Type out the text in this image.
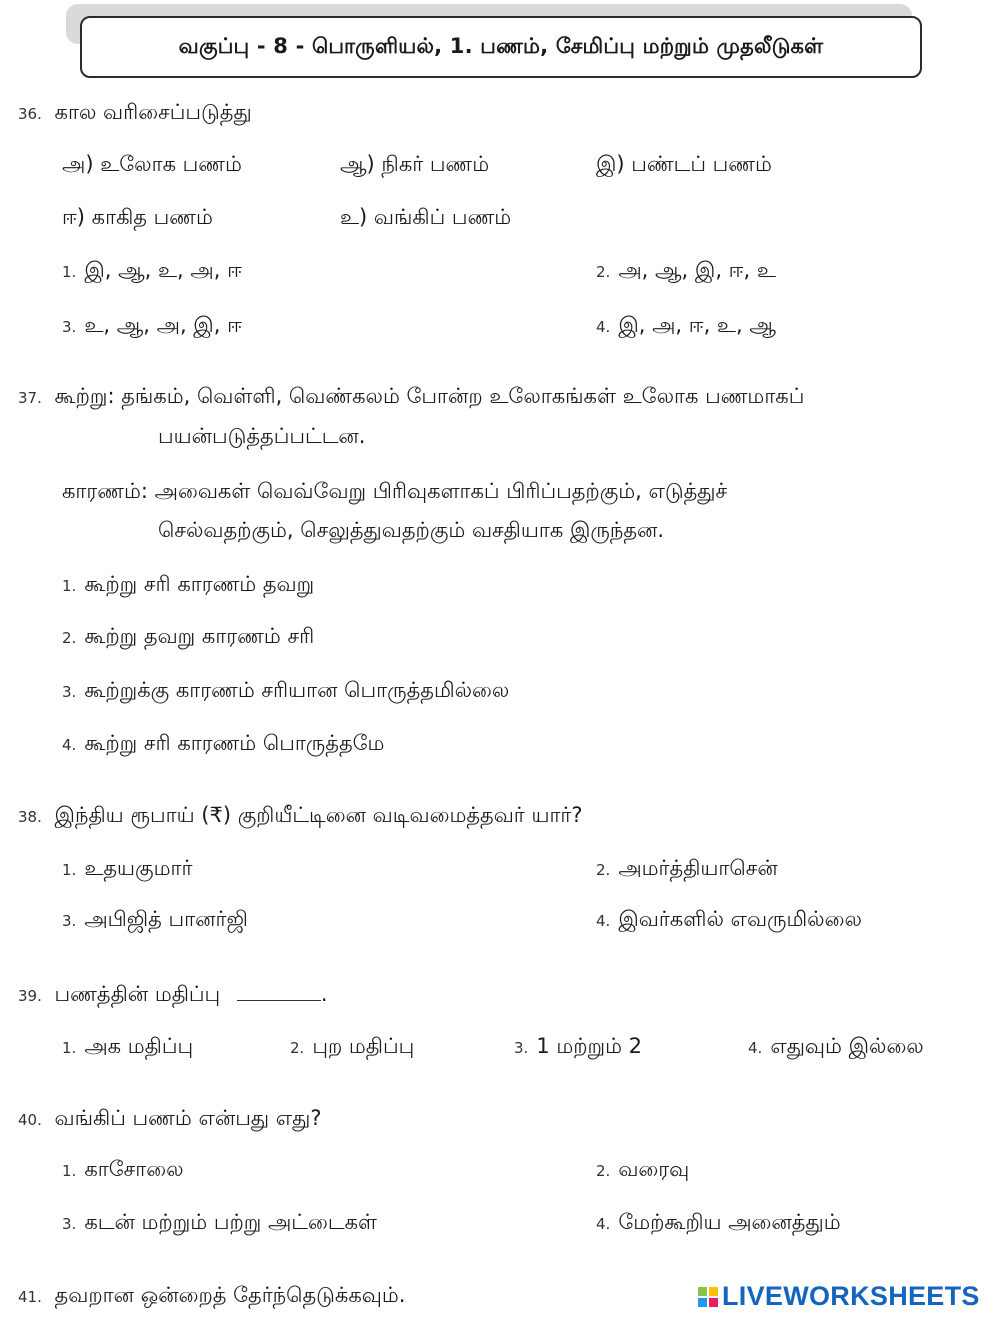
வகுப்பு - 8 - பொருளியல், 1. பணம், சேமிப்பு மற்றும் முதலீடுகள்
36. கால வரிசைப்படுத்து
அ) உலோக பணம்	ஆ) நிகர் பணம்	இ) பண்டப் பணம்
ஈ) காகித பணம்	உ) வங்கிப் பணம்
1. இ, ஆ, உ, அ, ஈ	2. அ, ஆ, இ, ஈ, உ
3. உ, ஆ, அ, இ, ஈ	4. இ, அ, ஈ, உ, ஆ
37. கூற்று: தங்கம், வெள்ளி, வெண்கலம் போன்ற உலோகங்கள் உலோக பணமாகப்
பயன்படுத்தப்பட்டன.
காரணம்: அவைகள் வெவ்வேறு பிரிவுகளாகப் பிரிப்பதற்கும், எடுத்துச்
செல்வதற்கும், செலுத்துவதற்கும் வசதியாக இருந்தன.
1. கூற்று சரி காரணம் தவறு
2. கூற்று தவறு காரணம் சரி
3. கூற்றுக்கு காரணம் சரியான பொருத்தமில்லை
4. கூற்று சரி காரணம் பொருத்தமே
38. இந்திய ரூபாய் (₹) குறியீட்டினை வடிவமைத்தவர் யார்?
1. உதயகுமார்	2. அமர்த்தியாசென்
3. அபிஜித் பானர்ஜி	4. இவர்களில் எவருமில்லை
39. பணத்தின் மதிப்பு	.
1. அக மதிப்பு	2. புற மதிப்பு	3. 1 மற்றும் 2	4. எதுவும் இல்லை
40. வங்கிப் பணம் என்பது எது?
1. காசோலை	2. வரைவு
3. கடன் மற்றும் பற்று அட்டைகள்	4. மேற்கூறிய அனைத்தும்
41. தவறான ஒன்றைத் தேர்ந்தெடுக்கவும்.	LIVEWORKSHEETS
